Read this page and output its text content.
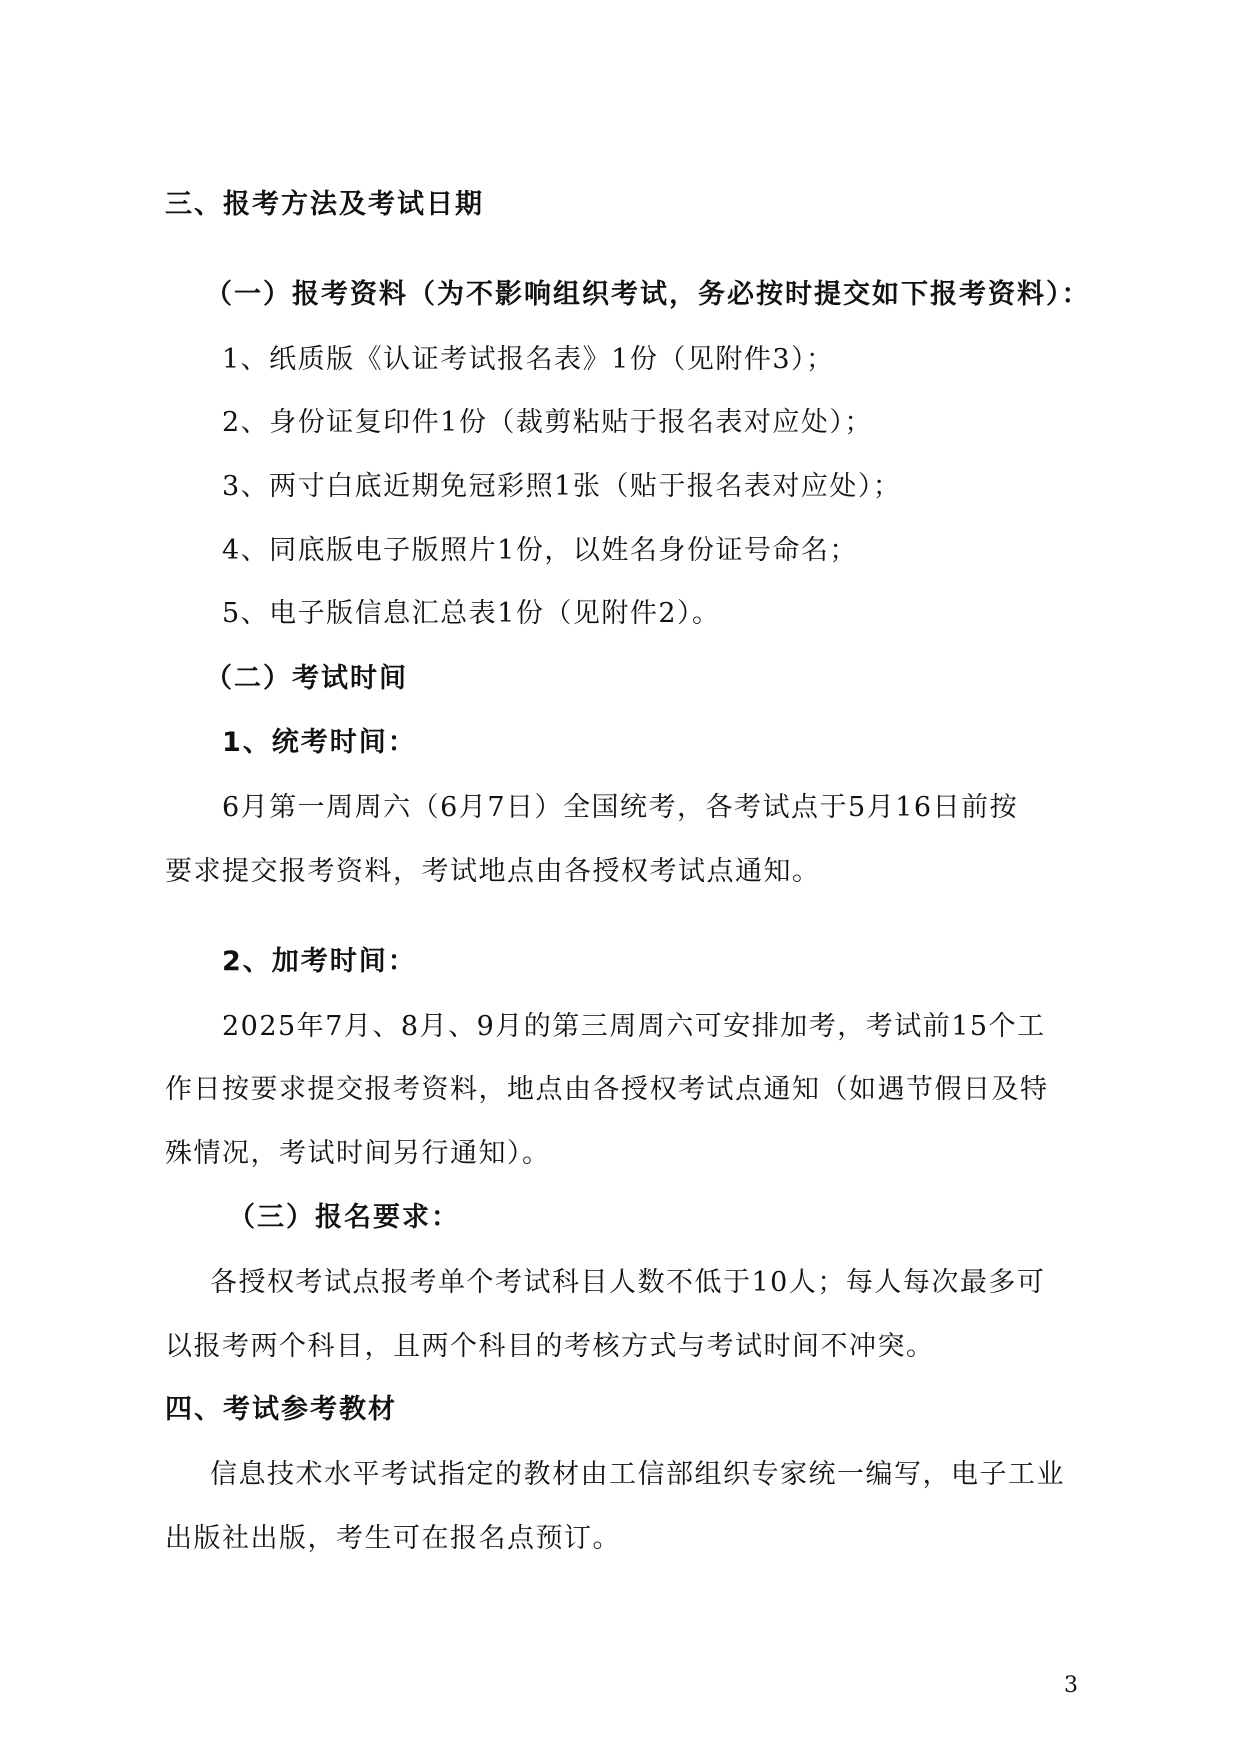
三、报考方法及考试日期
（一）报考资料（为不影响组织考试，务必按时提交如下报考资料）：
1、纸质版《认证考试报名表》1份（见附件3）；
2、身份证复印件1份（裁剪粘贴于报名表对应处）；
3、两寸白底近期免冠彩照1张（贴于报名表对应处）；
4、同底版电子版照片1份，以姓名身份证号命名；
5、电子版信息汇总表1份（见附件2）。
（二）考试时间
1、统考时间：
6月第一周周六（6月7日）全国统考，各考试点于5月16日前按
要求提交报考资料，考试地点由各授权考试点通知。
2、加考时间：
2025年7月、8月、9月的第三周周六可安排加考，考试前15个工
作日按要求提交报考资料，地点由各授权考试点通知（如遇节假日及特
殊情况，考试时间另行通知）。
（三）报名要求：
各授权考试点报考单个考试科目人数不低于10人；每人每次最多可
以报考两个科目，且两个科目的考核方式与考试时间不冲突。
四、考试参考教材
信息技术水平考试指定的教材由工信部组织专家统一编写，电子工业
出版社出版，考生可在报名点预订。
3
